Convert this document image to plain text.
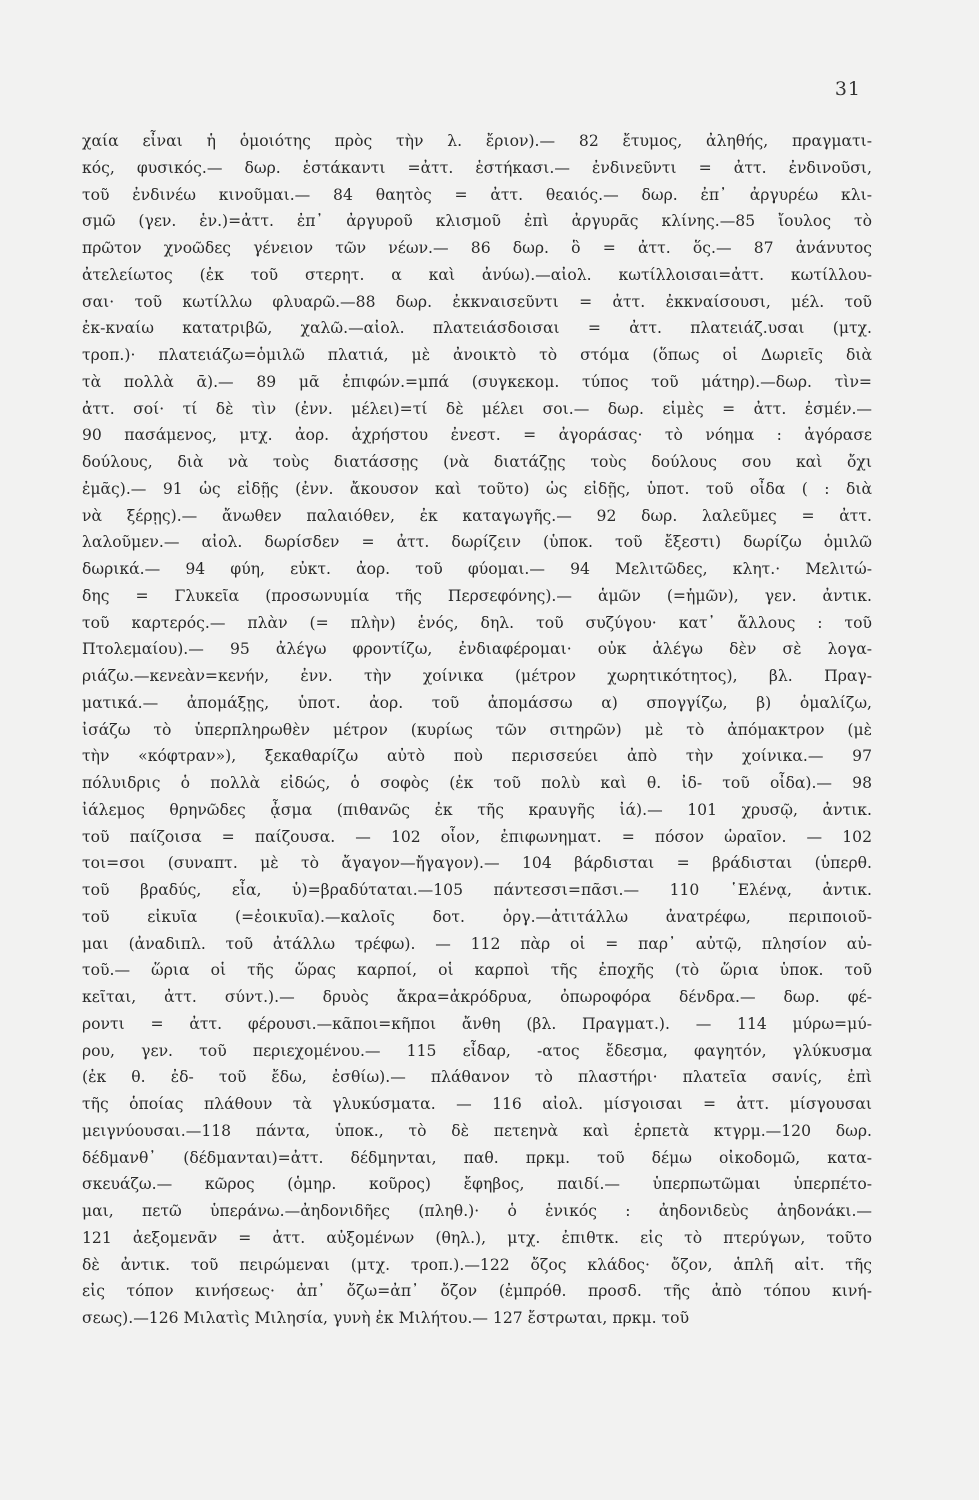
31
χαία εἶναι ἡ ὁμοιότης πρὸς τὴν λ. ἔριον).— 82 ἔτυμος, ἀληθής, πραγματι-
κός, φυσικός.— δωρ. ἑστάκαντι =ἀττ. ἑστήκασι.— ἐνδινεῦντι = ἀττ. ἐνδινοῦσι,
τοῦ ἐνδινέω κινοῦμαι.— 84 θαητὸς = ἀττ. θεαιός.— δωρ. ἐπ᾽ ἀργυρέω κλι-
σμῶ (γεν. ἑν.)=ἀττ. ἐπ᾽ ἀργυροῦ κλισμοῦ ἐπὶ ἀργυρᾶς κλίνης.—85 ἴουλος τὸ
πρῶτον χνοῶδες γένειον τῶν νέων.— 86 δωρ. ὃ = ἀττ. ὅς.— 87 ἀνάνυτος
ἀτελείωτος (ἐκ τοῦ στερητ. α καὶ ἀνύω).—αἰολ. κωτίλλοισαι=ἀττ. κωτίλλου-
σαι· τοῦ κωτίλλω φλυαρῶ.—88 δωρ. ἐκκναισεῦντι = ἀττ. ἐκκναίσουσι, μέλ. τοῦ
ἐκ-κναίω κατατριβῶ, χαλῶ.—αἰολ. πλατειάσδοισαι = ἀττ. πλατειάζ.υσαι (μτχ.
τροπ.)· πλατειάζω=ὁμιλῶ πλατιά, μὲ ἀνοικτὸ τὸ στόμα (ὅπως οἱ Δωριεῖς διὰ
τὰ πολλὰ ᾱ).— 89 μᾶ ἐπιφών.=μπά (συγκεκομ. τύπος τοῦ μάτηρ).—δωρ. τὶν=
ἀττ. σοί· τί δὲ τὶν (ἐνν. μέλει)=τί δὲ μέλει σοι.— δωρ. εἱμὲς = ἀττ. ἐσμέν.—
90 πασάμενος, μτχ. ἀορ. ἀχρήστου ἐνεστ. = ἀγοράσας· τὸ νόημα : ἀγόρασε
δούλους, διὰ νὰ τοὺς διατάσσῃς (νὰ διατάζῃς τοὺς δούλους σου καὶ ὄχι
ἐμᾶς).— 91 ὡς εἰδῇς (ἐνν. ἄκουσον καὶ τοῦτο) ὡς εἰδῇς, ὑποτ. τοῦ οἶδα ( : διὰ
νὰ ξέρῃς).— ἄνωθεν παλαιόθεν, ἐκ καταγωγῆς.— 92 δωρ. λαλεῦμες = ἀττ.
λαλοῦμεν.— αἰολ. δωρίσδεν = ἀττ. δωρίζειν (ὑποκ. τοῦ ἔξεστι) δωρίζω ὁμιλῶ
δωρικά.— 94 φύη, εὐκτ. ἀορ. τοῦ φύομαι.— 94 Μελιτῶδες, κλητ.· Μελιτώ-
δης = Γλυκεῖα (προσωνυμία τῆς Περσεφόνης).— ἁμῶν (=ἡμῶν), γεν. ἀντικ.
τοῦ καρτερός.— πλὰν (= πλὴν) ἑνός, δηλ. τοῦ συζύγου· κατ᾽ ἄλλους : τοῦ
Πτολεμαίου).— 95 ἀλέγω φροντίζω, ἐνδιαφέρομαι· οὐκ ἀλέγω δὲν σὲ λογα-
ριάζω.—κενεὰν=κενήν, ἐνν. τὴν χοίνικα (μέτρον χωρητικότητος), βλ. Πραγ-
ματικά.— ἀπομάξῃς, ὑποτ. ἀορ. τοῦ ἀπομάσσω α) σπογγίζω, β) ὁμαλίζω,
ἰσάζω τὸ ὑπερπληρωθὲν μέτρον (κυρίως τῶν σιτηρῶν) μὲ τὸ ἀπόμακτρον (μὲ
τὴν «κόφτραν»), ξεκαθαρίζω αὐτὸ ποὺ περισσεύει ἀπὸ τὴν χοίνικα.— 97
πόλυιδρις ὁ πολλὰ εἰδώς, ὁ σοφὸς (ἐκ τοῦ πολὺ καὶ θ. ἰδ- τοῦ οἶδα).— 98
ἰάλεμος θρηνῶδες ᾆσμα (πιθανῶς ἐκ τῆς κραυγῆς ἰά).— 101 χρυσῷ, ἀντικ.
τοῦ παίζοισα = παίζουσα. — 102 οἷον, ἐπιφωνηματ. = πόσον ὡραῖον. — 102
τοι=σοι (συναπτ. μὲ τὸ ἄγαγον—ἤγαγον).— 104 βάρδισται = βράδισται (ὑπερθ.
τοῦ βραδύς, εἶα, ὑ)=βραδύταται.—105 πάντεσσι=πᾶσι.— 110 ῾Ελένᾳ, ἀντικ.
τοῦ εἰκυῖα (=ἐοικυῖα).—καλοῖς δοτ. ὀργ.—ἀτιτάλλω ἀνατρέφω, περιποιοῦ-
μαι (ἀναδιπλ. τοῦ ἀτάλλω τρέφω). — 112 πὰρ οἱ = παρ᾽ αὐτῷ, πλησίον αὐ-
τοῦ.— ὥρια οἱ τῆς ὥρας καρποί, οἱ καρποὶ τῆς ἐποχῆς (τὸ ὥρια ὑποκ. τοῦ
κεῖται, ἀττ. σύντ.).— δρυὸς ἄκρα=ἀκρόδρυα, ὀπωροφόρα δένδρα.— δωρ. φέ-
ροντι = ἀττ. φέρουσι.—κᾶποι=κῆποι ἄνθη (βλ. Πραγματ.). — 114 μύρω=μύ-
ρου, γεν. τοῦ περιεχομένου.— 115 εἶδαρ, -ατος ἔδεσμα, φαγητόν, γλύκυσμα
(ἐκ θ. ἐδ- τοῦ ἔδω, ἐσθίω).— πλάθανον τὸ πλαστήρι· πλατεῖα σανίς, ἐπὶ
τῆς ὁποίας πλάθουν τὰ γλυκύσματα. — 116 αἰολ. μίσγοισαι = ἀττ. μίσγουσαι
μειγνύουσαι.—118 πάντα, ὑποκ., τὸ δὲ πετεηνὰ καὶ ἑρπετὰ κτγρμ.—120 δωρ.
δέδμανθ᾽ (δέδμανται)=ἀττ. δέδμηνται, παθ. πρκμ. τοῦ δέμω οἰκοδομῶ, κατα-
σκευάζω.— κῶρος (ὁμηρ. κοῦρος) ἔφηβος, παιδί.— ὑπερπωτῶμαι ὑπερπέτο-
μαι, πετῶ ὑπεράνω.—ἀηδονιδῆες (πληθ.)· ὁ ἑνικός : ἀηδονιδεὺς ἀηδονάκι.—
121 ἀεξομενᾶν = ἀττ. αὐξομένων (θηλ.), μτχ. ἐπιθτκ. εἰς τὸ πτερύγων, τοῦτο
δὲ ἀντικ. τοῦ πειρώμεναι (μτχ. τροπ.).—122 ὄζος κλάδος· ὄζον, ἁπλῆ αἰτ. τῆς
εἰς τόπον κινήσεως· ἀπ᾽ ὄζω=ἀπ᾽ ὄζον (ἐμπρόθ. προσδ. τῆς ἀπὸ τόπου κινή-
σεως).—126 Μιλατὶς Μιλησία, γυνὴ ἐκ Μιλήτου.— 127 ἔστρωται, πρκμ. τοῦ
